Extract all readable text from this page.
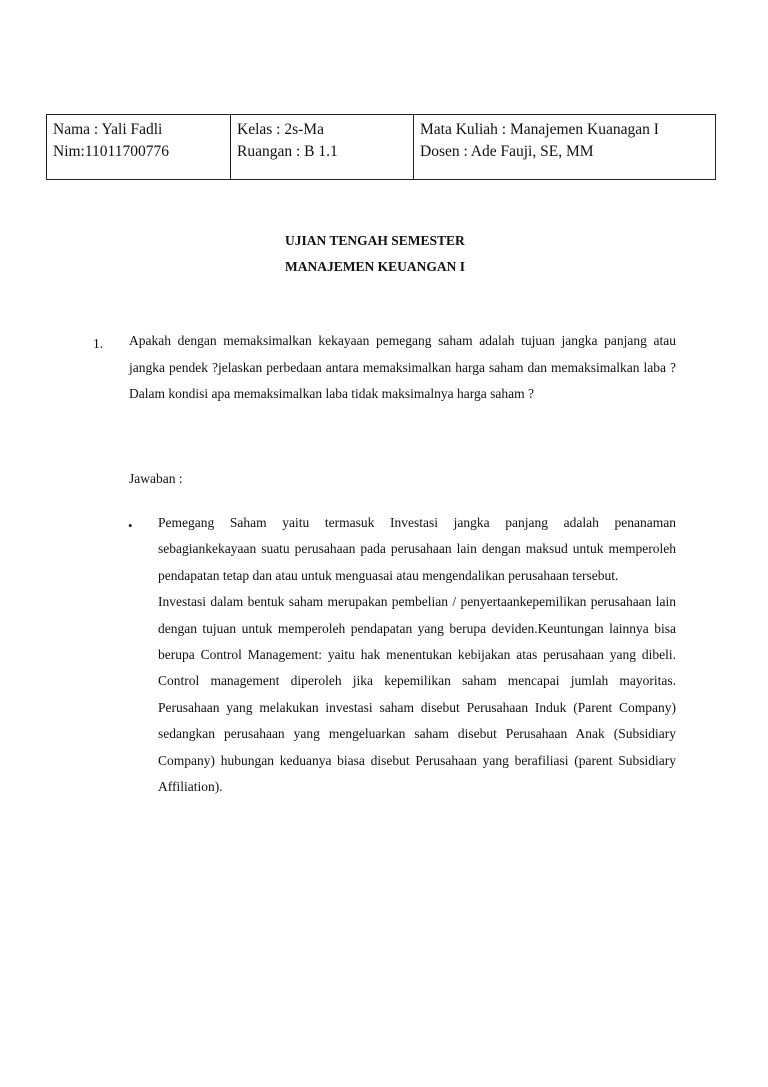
Nama : Yali Fadli
Nim:11011700776
Kelas : 2s-Ma
Ruangan : B 1.1
Mata Kuliah : Manajemen Kuanagan I
Dosen : Ade Fauji, SE, MM
UJIAN TENGAH SEMESTER
MANAJEMEN KEUANGAN I
1. Apakah dengan memaksimalkan kekayaan pemegang saham adalah tujuan jangka panjang atau jangka pendek ?jelaskan perbedaan antara memaksimalkan harga saham dan memaksimalkan laba ? Dalam kondisi apa memaksimalkan laba tidak maksimalnya harga saham ?

Jawaban :
• Pemegang Saham yaitu termasuk Investasi jangka panjang adalah penanaman sebagiankekayaan suatu perusahaan pada perusahaan lain dengan maksud untuk memperoleh pendapatan tetap dan atau untuk menguasai atau mengendalikan perusahaan tersebut.

Investasi dalam bentuk saham merupakan pembelian / penyertaankepemilikan perusahaan lain dengan tujuan untuk memperoleh pendapatan yang berupa deviden.Keuntungan lainnya bisa berupa Control Management: yaitu hak menentukan kebijakan atas perusahaan yang dibeli. Control management diperoleh jika kepemilikan saham mencapai jumlah mayoritas. Perusahaan yang melakukan investasi saham disebut Perusahaan Induk (Parent Company) sedangkan perusahaan yang mengeluarkan saham disebut Perusahaan Anak (Subsidiary Company) hubungan keduanya biasa disebut Perusahaan yang berafiliasi (parent Subsidiary Affiliation).
